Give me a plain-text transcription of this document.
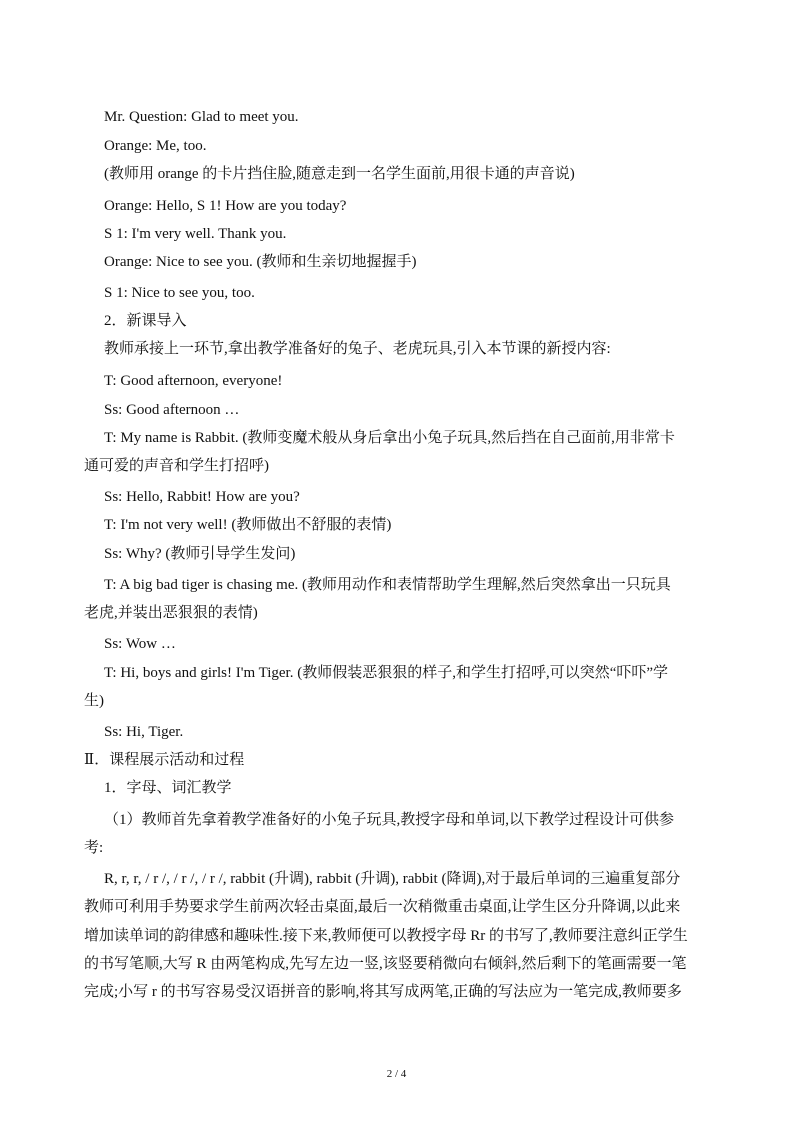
Mr. Question: Glad to meet you.
Orange: Me, too.
(教师用 orange 的卡片挡住脸,随意走到一名学生面前,用很卡通的声音说)
Orange: Hello, S 1! How are you today?
S 1: I'm very well. Thank you.
Orange: Nice to see you. (教师和生亲切地握握手)
S 1: Nice to see you, too.
2．新课导入
教师承接上一环节,拿出教学准备好的兔子、老虎玩具,引入本节课的新授内容:
T: Good afternoon, everyone!
Ss: Good afternoon …
T: My name is Rabbit. (教师变魔术般从身后拿出小兔子玩具,然后挡在自己面前,用非常卡
通可爱的声音和学生打招呼)
Ss: Hello, Rabbit! How are you?
T: I'm not very well! (教师做出不舒服的表情)
Ss: Why? (教师引导学生发问)
T: A big bad tiger is chasing me. (教师用动作和表情帮助学生理解,然后突然拿出一只玩具
老虎,并装出恶狠狠的表情)
Ss: Wow …
T: Hi, boys and girls! I'm Tiger. (教师假装恶狠狠的样子,和学生打招呼,可以突然“吓吓”学
生)
Ss: Hi, Tiger.
Ⅱ．课程展示活动和过程
1．字母、词汇教学
（1）教师首先拿着教学准备好的小兔子玩具,教授字母和单词,以下教学过程设计可供参
考:
R, r, r, / r /, / r /, / r /, rabbit (升调), rabbit (升调), rabbit (降调),对于最后单词的三遍重复部分
教师可利用手势要求学生前两次轻击桌面,最后一次稍微重击桌面,让学生区分升降调,以此来
增加读单词的韵律感和趣味性.接下来,教师便可以教授字母 Rr 的书写了,教师要注意纠正学生
的书写笔顺,大写 R 由两笔构成,先写左边一竖,该竖要稍微向右倾斜,然后剩下的笔画需要一笔
完成;小写 r 的书写容易受汉语拼音的影响,将其写成两笔,正确的写法应为一笔完成,教师要多
2 / 4
